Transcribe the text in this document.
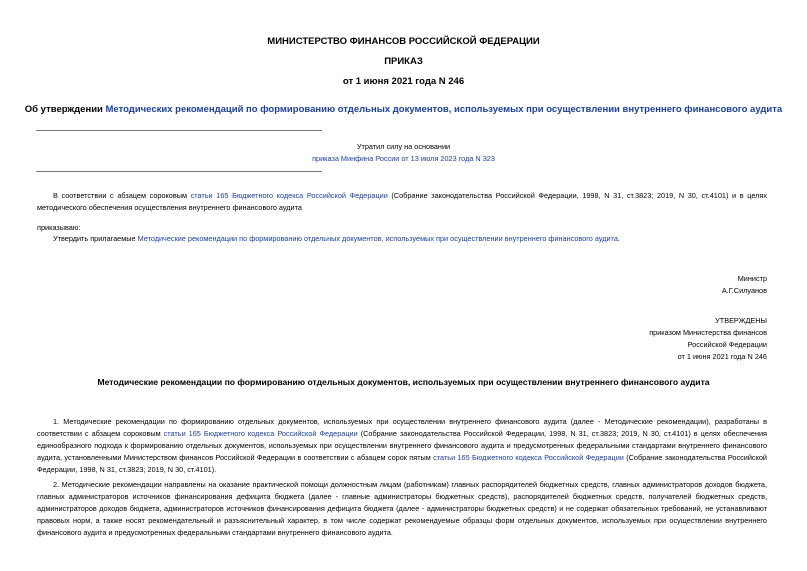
МИНИСТЕРСТВО ФИНАНСОВ РОССИЙСКОЙ ФЕДЕРАЦИИ
ПРИКАЗ
от 1 июня 2021 года N 246
Об утверждении Методических рекомендаций по формированию отдельных документов, используемых при осуществлении внутреннего финансового аудита
Утратил силу на основании
приказа Минфина России от 13 июля 2023 года N 323
В соответствии с абзацем сороковым статьи 165 Бюджетного кодекса Российской Федерации (Собрание законодательства Российской Федерации, 1998, N 31, ст.3823; 2019, N 30, ст.4101) и в целях методического обеспечения осуществления внутреннего финансового аудита
приказываю:
Утвердить прилагаемые Методические рекомендации по формированию отдельных документов, используемых при осуществлении внутреннего финансового аудита.
Министр
А.Г.Силуанов
УТВЕРЖДЕНЫ
приказом Министерства финансов
Российской Федерации
от 1 июня 2021 года N 246
Методические рекомендации по формированию отдельных документов, используемых при осуществлении внутреннего финансового аудита
1. Методические рекомендации по формированию отдельных документов, используемых при осуществлении внутреннего финансового аудита (далее - Методические рекомендации), разработаны в соответствии с абзацем сороковым статьи 165 Бюджетного кодекса Российской Федерации (Собрание законодательства Российской Федерации, 1998, N 31, ст.3823; 2019, N 30, ст.4101) в целях обеспечения единообразного подхода к формированию отдельных документов, используемых при осуществлении внутреннего финансового аудита и предусмотренных федеральными стандартами внутреннего финансового аудита, установленными Министерством финансов Российской Федерации в соответствии с абзацем сорок пятым статьи 165 Бюджетного кодекса Российской Федерации (Собрание законодательства Российской Федерации, 1998, N 31, ст.3823; 2019, N 30, ст.4101).
2. Методические рекомендации направлены на оказание практической помощи должностным лицам (работникам) главных распорядителей бюджетных средств, главных администраторов доходов бюджета, главных администраторов источников финансирования дефицита бюджета (далее - главные администраторы бюджетных средств), распорядителей бюджетных средств, получателей бюджетных средств, администраторов доходов бюджета, администраторов источников финансирования дефицита бюджета (далее - администраторы бюджетных средств) и не содержат обязательных требований, не устанавливают правовых норм, а также носят рекомендательный и разъяснительный характер, в том числе содержат рекомендуемые образцы форм отдельных документов, используемых при осуществлении внутреннего финансового аудита и предусмотренных федеральными стандартами внутреннего финансового аудита.
